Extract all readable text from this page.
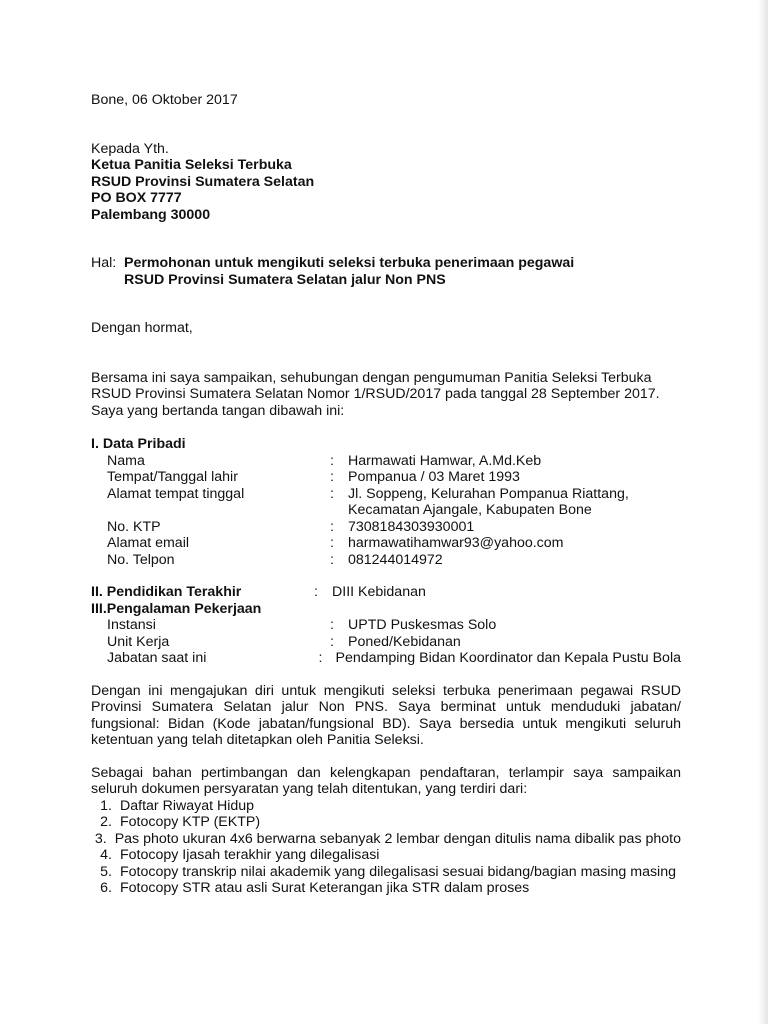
Bone, 06 Oktober 2017
Kepada Yth.
Ketua Panitia Seleksi Terbuka
RSUD Provinsi Sumatera Selatan
PO BOX 7777
Palembang 30000
Hal: Permohonan untuk mengikuti seleksi terbuka penerimaan pegawai
RSUD Provinsi Sumatera Selatan jalur Non PNS
Dengan hormat,
Bersama ini saya sampaikan, sehubungan dengan pengumuman Panitia Seleksi Terbuka
RSUD Provinsi Sumatera Selatan Nomor 1/RSUD/2017 pada tanggal 28 September 2017.
Saya yang bertanda tangan dibawah ini:
I. Data Pribadi
Nama	: Harmawati Hamwar, A.Md.Keb
Tempat/Tanggal lahir	: Pompanua / 03 Maret 1993
Alamat tempat tinggal	: Jl. Soppeng, Kelurahan Pompanua Riattang,
Kecamatan Ajangale, Kabupaten Bone
No. KTP	: 7308184303930001
Alamat email	: harmawatihamwar93@yahoo.com
No. Telpon	: 081244014972
II. Pendidikan Terakhir	: DIII Kebidanan
III.Pengalaman Pekerjaan
Instansi	: UPTD Puskesmas Solo
Unit Kerja	: Poned/Kebidanan
Jabatan saat ini	: Pendamping Bidan Koordinator dan Kepala Pustu Bola
Dengan ini mengajukan diri untuk mengikuti seleksi terbuka penerimaan pegawai RSUD Provinsi Sumatera Selatan jalur Non PNS. Saya berminat untuk menduduki jabatan/ fungsional: Bidan (Kode jabatan/fungsional BD). Saya bersedia untuk mengikuti seluruh ketentuan yang telah ditetapkan oleh Panitia Seleksi.
Sebagai bahan pertimbangan dan kelengkapan pendaftaran, terlampir saya sampaikan seluruh dokumen persyaratan yang telah ditentukan, yang terdiri dari:
1. Daftar Riwayat Hidup
2. Fotocopy KTP (EKTP)
3. Pas photo ukuran 4x6 berwarna sebanyak 2 lembar dengan ditulis nama dibalik pas photo
4. Fotocopy Ijasah terakhir yang dilegalisasi
5. Fotocopy transkrip nilai akademik yang dilegalisasi sesuai bidang/bagian masing masing
6. Fotocopy STR atau asli Surat Keterangan jika STR dalam proses
